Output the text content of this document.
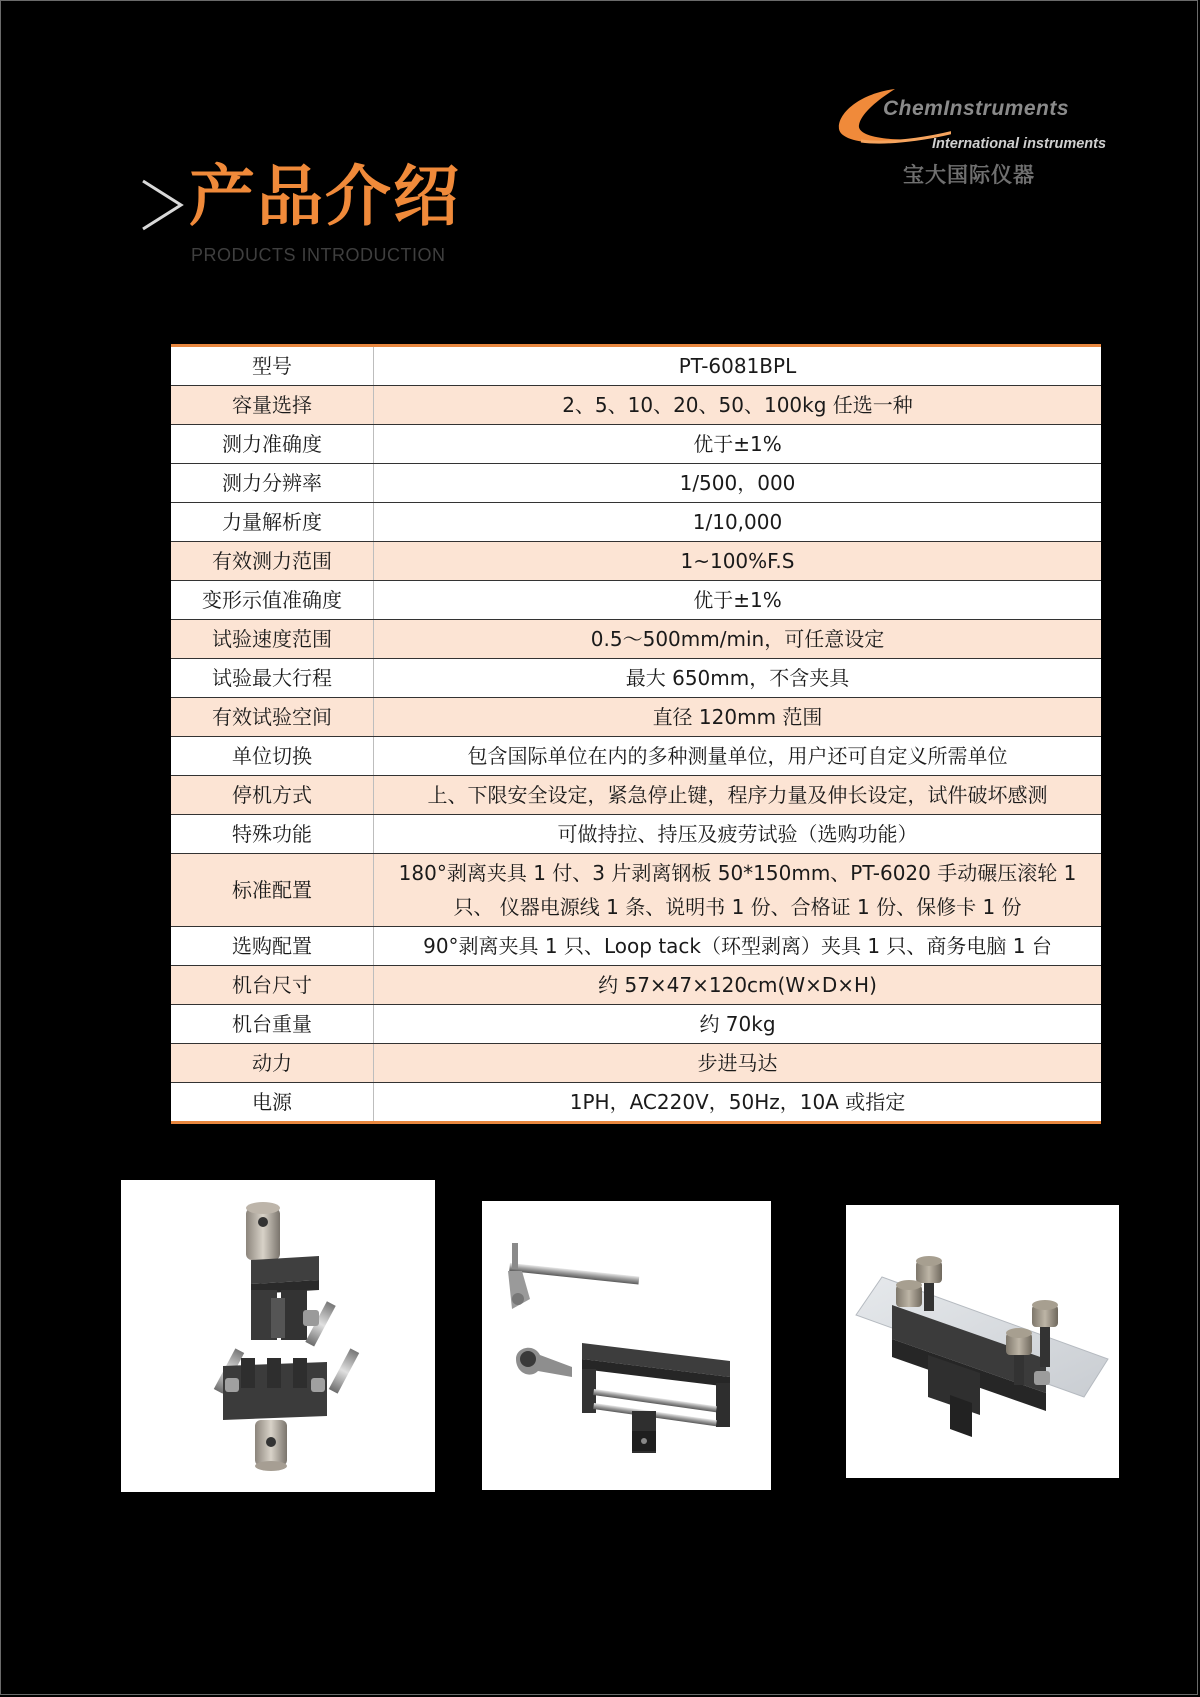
产品介绍
PRODUCTS INTRODUCTION
ChemInstruments
International instruments
宝大国际仪器
型号	PT-6081BPL
容量选择	2、5、10、20、50、100kg 任选一种
测力准确度	优于±1%
测力分辨率	1/500，000
力量解析度	1/10,000
有效测力范围	1~100%F.S
变形示值准确度	优于±1%
试验速度范围	0.5～500mm/min，可任意设定
试验最大行程	最大 650mm，不含夹具
有效试验空间	直径 120mm 范围
单位切换	包含国际单位在内的多种测量单位，用户还可自定义所需单位
停机方式	上、下限安全设定，紧急停止键，程序力量及伸长设定，试件破坏感测
特殊功能	可做持拉、持压及疲劳试验（选购功能）
标准配置	180°剥离夹具 1 付、3 片剥离钢板 50*150mm、PT-6020 手动碾压滚轮 1 只、 仪器电源线 1 条、说明书 1 份、合格证 1 份、保修卡 1 份
选购配置	90°剥离夹具 1 只、Loop tack（环型剥离）夹具 1 只、商务电脑 1 台
机台尺寸	约 57×47×120cm(W×D×H)
机台重量	约 70kg
动力	步进马达
电源	1PH，AC220V，50Hz，10A 或指定
